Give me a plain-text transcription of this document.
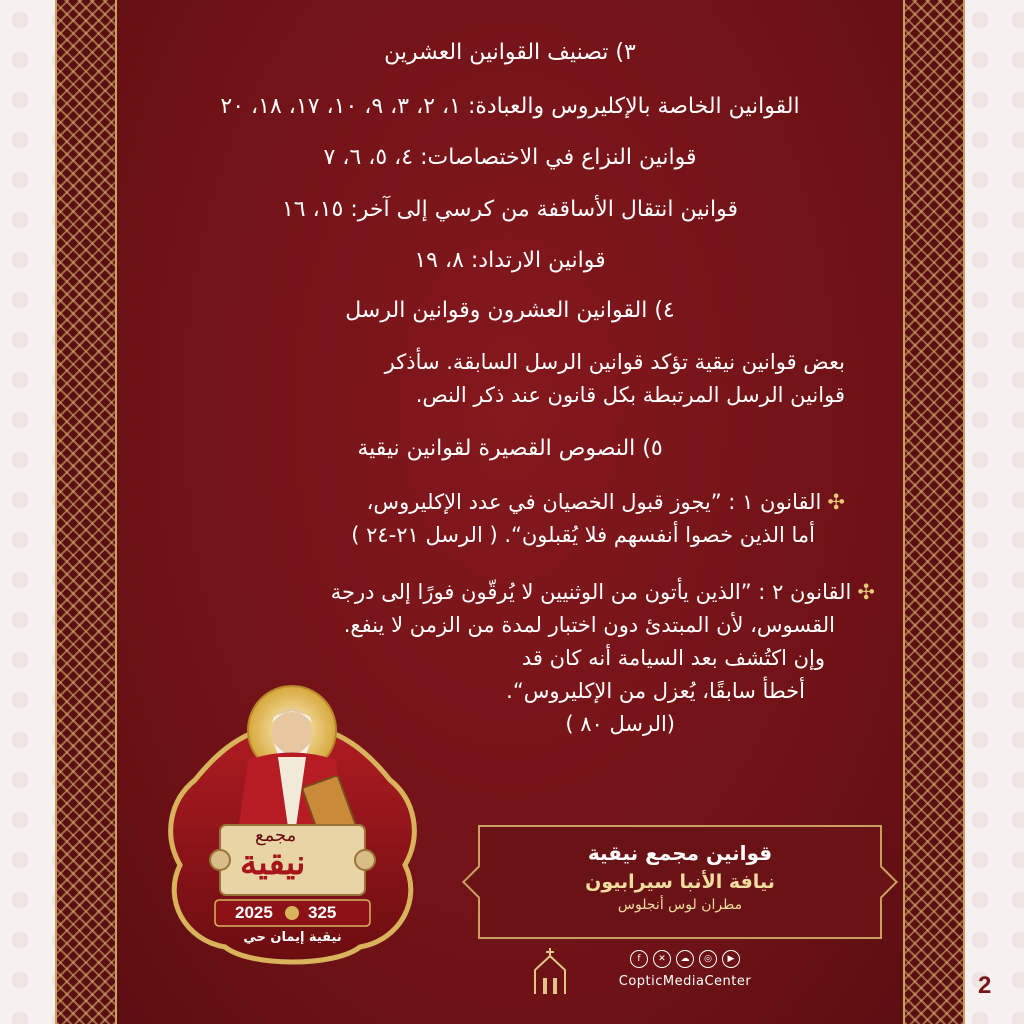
٣) تصنيف القوانين العشرين
القوانين الخاصة بالإكليروس والعبادة: ١، ٢، ٣، ٩، ١٠، ١٧، ١٨، ٢٠
قوانين النزاع في الاختصاصات: ٤، ٥، ٦، ٧
قوانين انتقال الأساقفة من كرسي إلى آخر: ١٥، ١٦
قوانين الارتداد: ٨، ١٩
٤) القوانين العشرون وقوانين الرسل
٥) النصوص القصيرة لقوانين نيقية
بعض قوانين نيقية تؤكد قوانين الرسل السابقة. سأذكر
قوانين الرسل المرتبطة بكل قانون عند ذكر النص.
✣القانون ١ : ”يجوز قبول الخصيان في عدد الإكليروس،
أما الذين خصوا أنفسهم فلا يُقبلون“. ( الرسل ٢١-٢٤ )
✣القانون ٢ : ”الذين يأتون من الوثنيين لا يُرقّون فورًا إلى درجة
القسوس، لأن المبتدئ دون اختبار لمدة من الزمن لا ينفع.
وإن اكتُشف بعد السيامة أنه كان قد
أخطأ سابقًا، يُعزل من الإكليروس“.
(الرسل ٨٠ )
مجمع
نيقية
2025 325
نيقية إيمان حي
قوانين مجمع نيقية
نيافة الأنبا سيرابيون
مطران لوس أنجلوس
f	✕	☁	◎	▶
CopticMediaCenter	2
